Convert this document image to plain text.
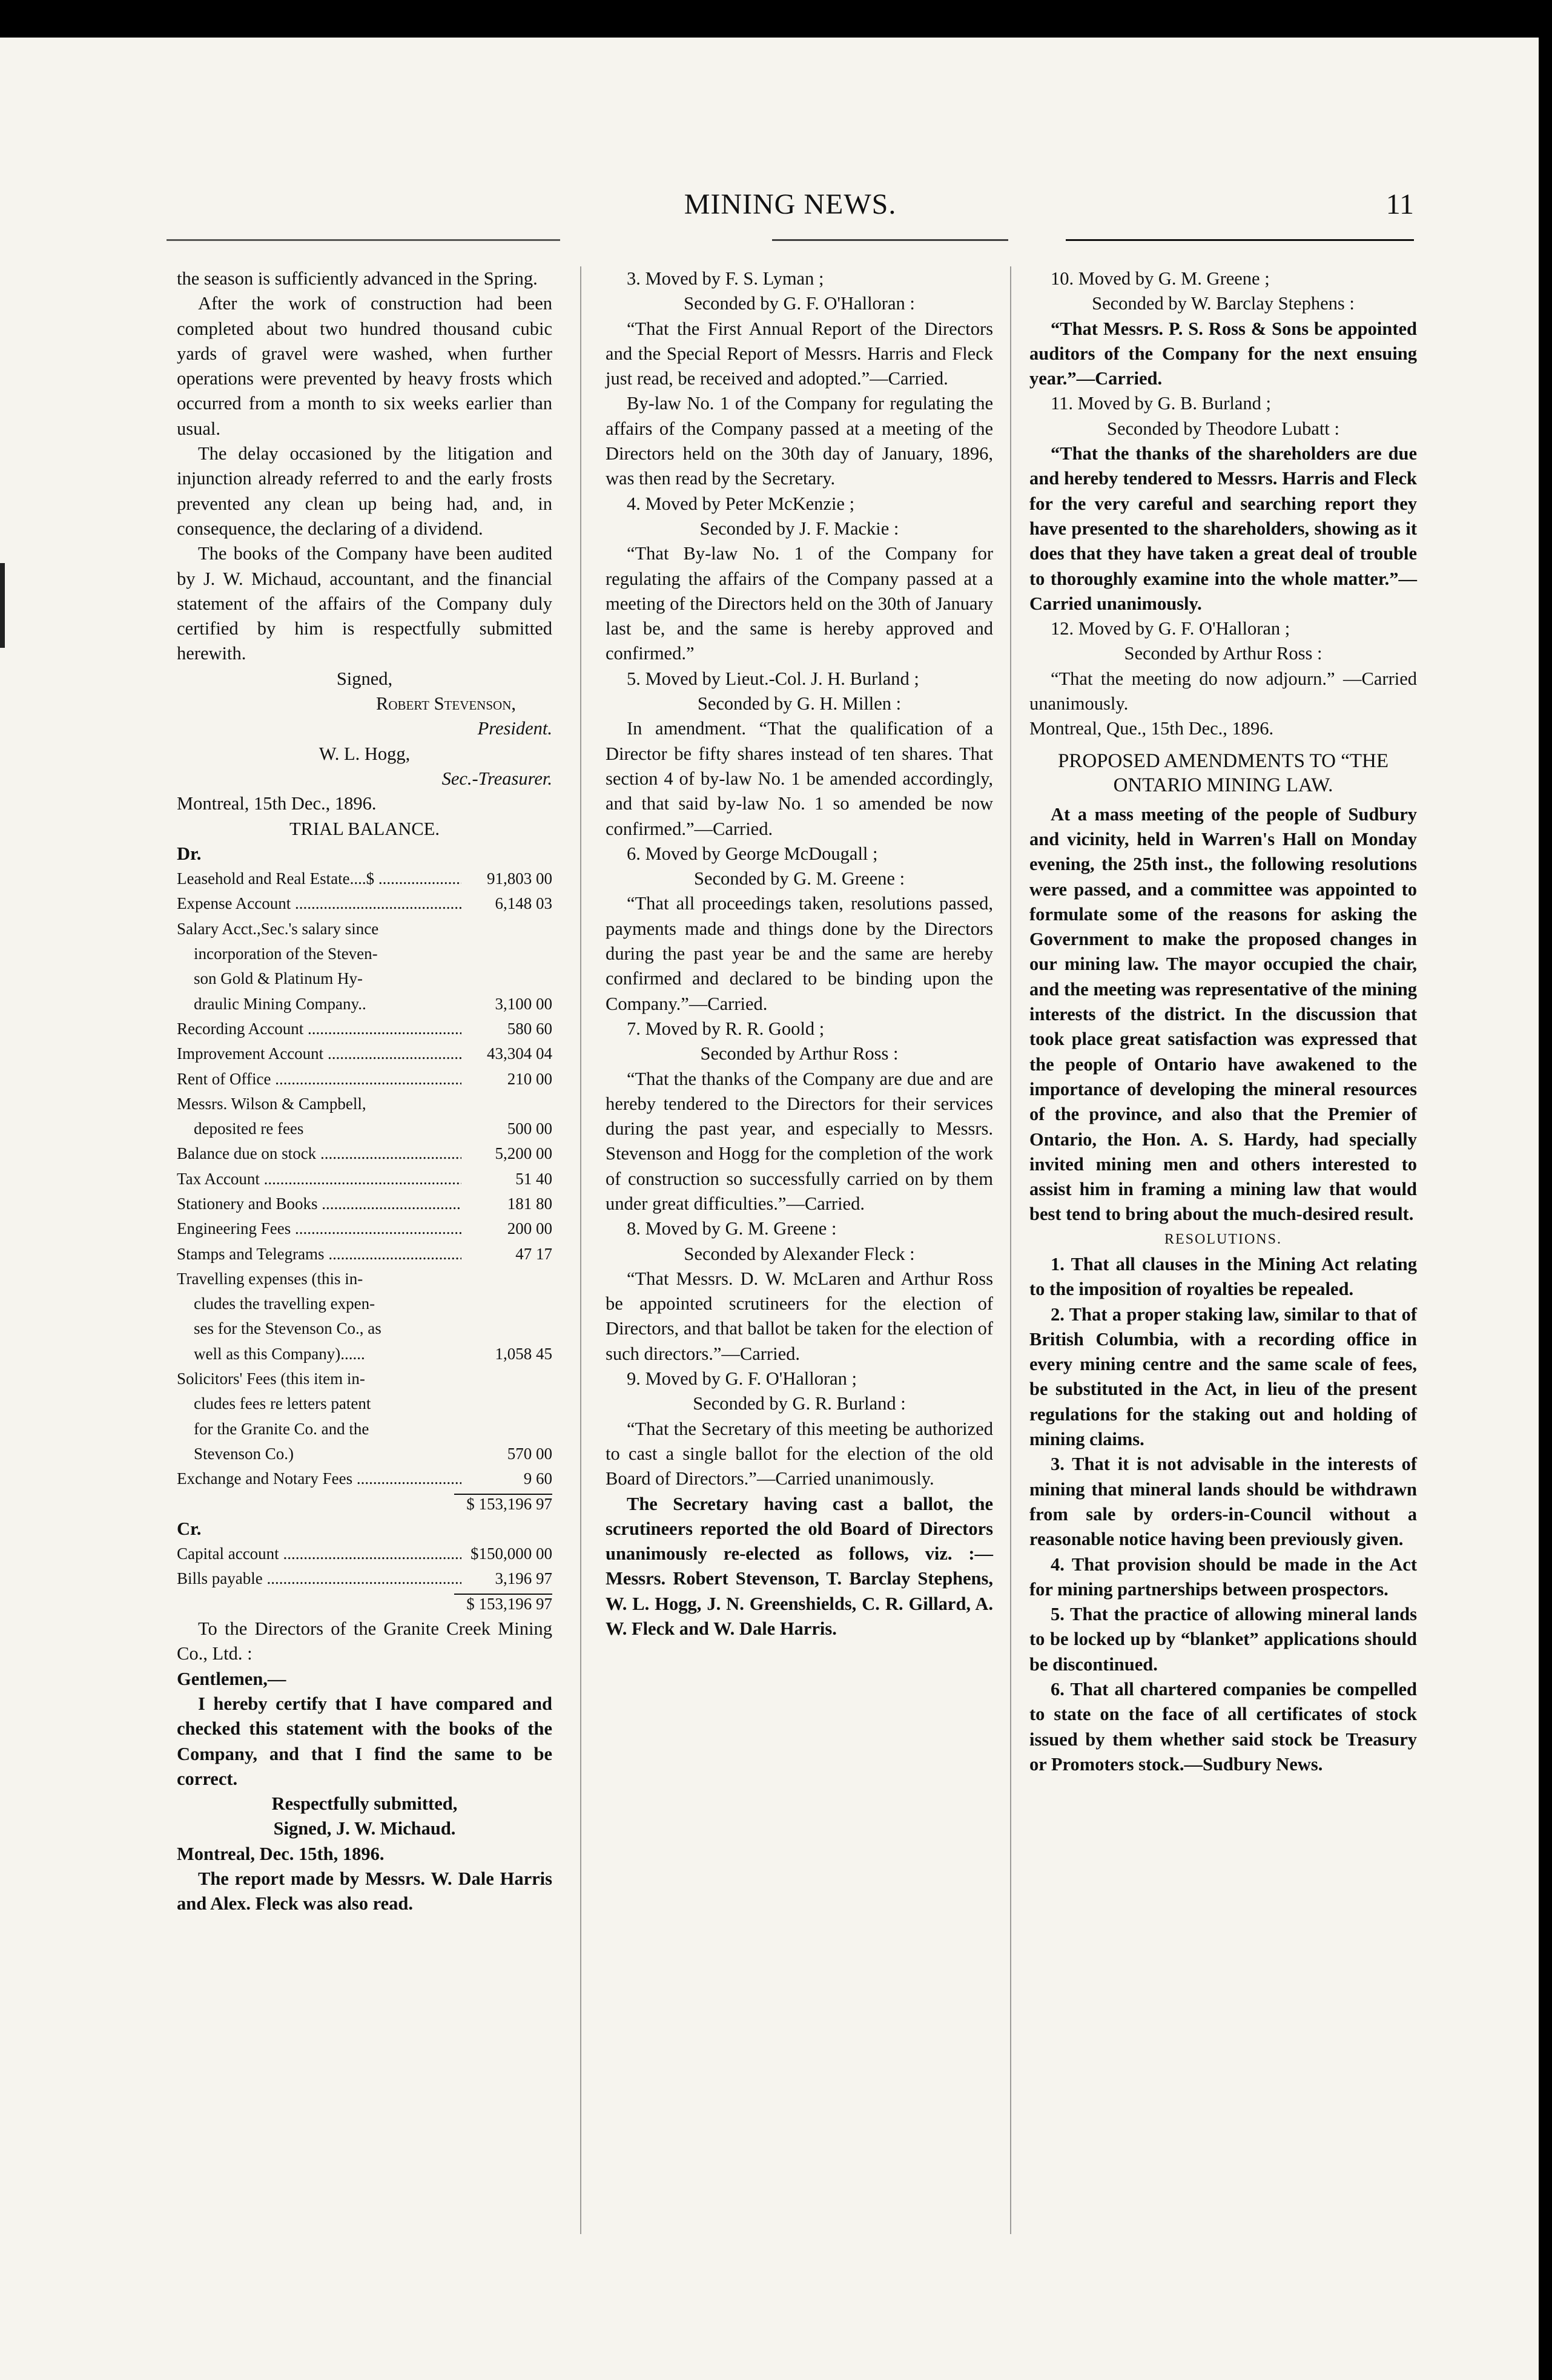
MINING NEWS.	11

the season is sufficiently advanced in the Spring.

After the work of construction had been completed about two hundred thousand cubic yards of gravel were washed, when further operations were prevented by heavy frosts which occurred from a month to six weeks earlier than usual.

The delay occasioned by the litigation and injunction already referred to and the early frosts prevented any clean up being had, and, in consequence, the declaring of a dividend.

The books of the Company have been audited by J. W. Michaud, accountant, and the financial statement of the affairs of the Company duly certified by him is respectfully submitted herewith.

Signed,
Robert Stevenson,
President.
W. L. Hogg,
Sec.-Treasurer.
Montreal, 15th Dec., 1896.
TRIAL BALANCE.
Dr.
Leasehold and Real Estate....$ .....	91,803 00
Expense Account .....	6,148 03
Salary Acct.,Sec.'s salary since
incorporation of the Steven-
son Gold & Platinum Hy-
draulic Mining Company..	3,100 00
Recording Account .....	580 60
Improvement Account .....	43,304 04
Rent of Office .....	210 00
Messrs. Wilson & Campbell,
deposited re fees	500 00
Balance due on stock .....	5,200 00
Tax Account .....	51 40
Stationery and Books .....	181 80
Engineering Fees .....	200 00
Stamps and Telegrams .....	47 17
Travelling expenses (this in-
cludes the travelling expen-
ses for the Stevenson Co., as
well as this Company)......	1,058 45
Solicitors' Fees (this item in-
cludes fees re letters patent
for the Granite Co. and the
Stevenson Co.)	570 00
Exchange and Notary Fees .....	9 60
$ 153,196 97
Cr.
Capital account .....	$150,000 00
Bills payable .....	3,196 97
$ 153,196 97

To the Directors of the Granite Creek Mining Co., Ltd. :

Gentlemen,—

I hereby certify that I have compared and checked this statement with the books of the Company, and that I find the same to be correct.

Respectfully submitted,
Signed, J. W. Michaud.
Montreal, Dec. 15th, 1896.

The report made by Messrs. W. Dale Harris and Alex. Fleck was also read.

3. Moved by F. S. Lyman ;

Seconded by G. F. O'Halloran :

“That the First Annual Report of the Directors and the Special Report of Messrs. Harris and Fleck just read, be received and adopted.”—Carried.

By-law No. 1 of the Company for regulating the affairs of the Company passed at a meeting of the Directors held on the 30th day of January, 1896, was then read by the Secretary.

4. Moved by Peter McKenzie ;

Seconded by J. F. Mackie :

“That By-law No. 1 of the Company for regulating the affairs of the Company passed at a meeting of the Directors held on the 30th of January last be, and the same is hereby approved and confirmed.”

5. Moved by Lieut.-Col. J. H. Burland ;

Seconded by G. H. Millen :

In amendment. “That the qualification of a Director be fifty shares instead of ten shares. That section 4 of by-law No. 1 be amended accordingly, and that said by-law No. 1 so amended be now confirmed.”—Carried.

6. Moved by George McDougall ;

Seconded by G. M. Greene :

“That all proceedings taken, resolutions passed, payments made and things done by the Directors during the past year be and the same are hereby confirmed and declared to be binding upon the Company.”—Carried.

7. Moved by R. R. Goold ;

Seconded by Arthur Ross :

“That the thanks of the Company are due and are hereby tendered to the Directors for their services during the past year, and especially to Messrs. Stevenson and Hogg for the completion of the work of construction so successfully carried on by them under great difficulties.”—Carried.

8. Moved by G. M. Greene :

Seconded by Alexander Fleck :

“That Messrs. D. W. McLaren and Arthur Ross be appointed scrutineers for the election of Directors, and that ballot be taken for the election of such directors.”—Carried.

9. Moved by G. F. O'Halloran ;

Seconded by G. R. Burland :

“That the Secretary of this meeting be authorized to cast a single ballot for the election of the old Board of Directors.”—Carried unanimously.

The Secretary having cast a ballot, the scrutineers reported the old Board of Directors unanimously re-elected as follows, viz. :—Messrs. Robert Stevenson, T. Barclay Stephens, W. L. Hogg, J. N. Greenshields, C. R. Gillard, A. W. Fleck and W. Dale Harris.

10. Moved by G. M. Greene ;

Seconded by W. Barclay Stephens :

“That Messrs. P. S. Ross & Sons be appointed auditors of the Company for the next ensuing year.”—Carried.

11. Moved by G. B. Burland ;

Seconded by Theodore Lubatt :

“That the thanks of the shareholders are due and hereby tendered to Messrs. Harris and Fleck for the very careful and searching report they have presented to the shareholders, showing as it does that they have taken a great deal of trouble to thoroughly examine into the whole matter.”—Carried unanimously.

12. Moved by G. F. O'Halloran ;

Seconded by Arthur Ross :

“That the meeting do now adjourn.” —Carried unanimously.

Montreal, Que., 15th Dec., 1896.

PROPOSED AMENDMENTS TO “THE ONTARIO MINING LAW.

At a mass meeting of the people of Sudbury and vicinity, held in Warren's Hall on Monday evening, the 25th inst., the following resolutions were passed, and a committee was appointed to formulate some of the reasons for asking the Government to make the proposed changes in our mining law. The mayor occupied the chair, and the meeting was representative of the mining interests of the district. In the discussion that took place great satisfaction was expressed that the people of Ontario have awakened to the importance of developing the mineral resources of the province, and also that the Premier of Ontario, the Hon. A. S. Hardy, had specially invited mining men and others interested to assist him in framing a mining law that would best tend to bring about the much-desired result.

RESOLUTIONS.

1. That all clauses in the Mining Act relating to the imposition of royalties be repealed.

2. That a proper staking law, similar to that of British Columbia, with a recording office in every mining centre and the same scale of fees, be substituted in the Act, in lieu of the present regulations for the staking out and holding of mining claims.

3. That it is not advisable in the interests of mining that mineral lands should be withdrawn from sale by orders-in-Council without a reasonable notice having been previously given.

4. That provision should be made in the Act for mining partnerships between prospectors.

5. That the practice of allowing mineral lands to be locked up by “blanket” applications should be discontinued.

6. That all chartered companies be compelled to state on the face of all certificates of stock issued by them whether said stock be Treasury or Promoters stock.—Sudbury News.
